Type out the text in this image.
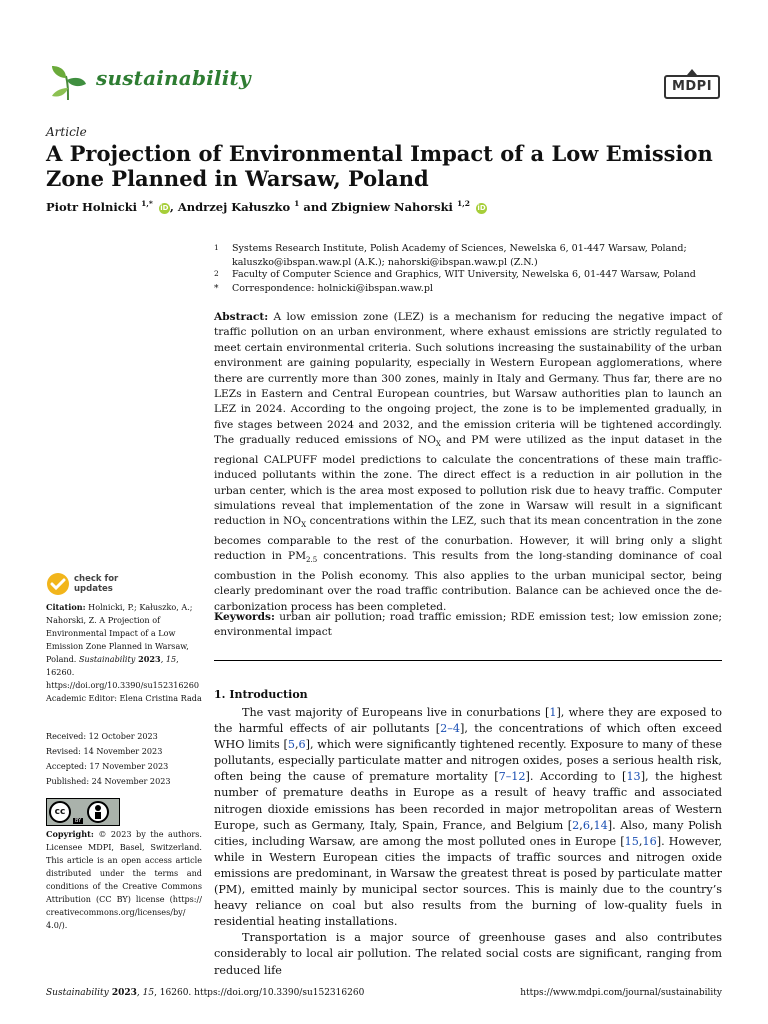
sustainability	MDPI
Article
A Projection of Environmental Impact of a Low Emission Zone Planned in Warsaw, Poland
Piotr Holnicki $^{1,*}$ iD, Andrzej Kałuszko $^1$ and Zbigniew Nahorski $^{1,2}$ iD
1 Systems Research Institute, Polish Academy of Sciences, Newelska 6, 01-447 Warsaw, Poland;
kaluszko@ibspan.waw.pl (A.K.); nahorski@ibspan.waw.pl (Z.N.)
2 Faculty of Computer Science and Graphics, WIT University, Newelska 6, 01-447 Warsaw, Poland
* Correspondence: holnicki@ibspan.waw.pl
Abstract: A low emission zone (LEZ) is a mechanism for reducing the negative impact of traffic pollution on an urban environment, where exhaust emissions are strictly regulated to meet certain environmental criteria. Such solutions increasing the sustainability of the urban environment are gaining popularity, especially in Western European agglomerations, where there are currently more than 300 zones, mainly in Italy and Germany. Thus far, there are no LEZs in Eastern and Central European countries, but Warsaw authorities plan to launch an LEZ in 2024. According to the ongoing project, the zone is to be implemented gradually, in five stages between 2024 and 2032, and the emission criteria will be tightened accordingly. The gradually reduced emissions of $NO_X$ and PM were utilized as the input dataset in the regional CALPUFF model predictions to calculate the concentrations of these main traffic-induced pollutants within the zone. The direct effect is a reduction in air pollution in the urban center, which is the area most exposed to pollution risk due to heavy traffic. Computer simulations reveal that implementation of the zone in Warsaw will result in a significant reduction in $NO_X$ concentrations within the LEZ, such that its mean concentration in the zone becomes comparable to the rest of the conurbation. However, it will bring only a slight reduction in $PM_{2.5}$ concentrations. This results from the long-standing dominance of coal combustion in the Polish economy. This also applies to the urban municipal sector, being clearly predominant over the road traffic contribution. Balance can be achieved once the de-carbonization process has been completed.
Keywords: urban air pollution; road traffic emission; RDE emission test; low emission zone; environmental impact
check for
updates
Citation: Holnicki, P.; Kałuszko, A.; Nahorski, Z. A Projection of Environmental Impact of a Low Emission Zone Planned in Warsaw, Poland. Sustainability 2023, 15, 16260. https://doi.org/10.3390/su152316260
Academic Editor: Elena Cristina Rada
Received: 12 October 2023
Revised: 14 November 2023
Accepted: 17 November 2023
Published: 24 November 2023
cc
BY
Copyright: © 2023 by the authors. Licensee MDPI, Basel, Switzerland. This article is an open access article distributed under the terms and conditions of the Creative Commons Attribution (CC BY) license (https:// creativecommons.org/licenses/by/ 4.0/).
1. Introduction

The vast majority of Europeans live in conurbations [1], where they are exposed to the harmful effects of air pollutants [2–4], the concentrations of which often exceed WHO limits [5,6], which were significantly tightened recently. Exposure to many of these pollutants, especially particulate matter and nitrogen oxides, poses a serious health risk, often being the cause of premature mortality [7–12]. According to [13], the highest number of premature deaths in Europe as a result of heavy traffic and associated nitrogen dioxide emissions has been recorded in major metropolitan areas of Western Europe, such as Germany, Italy, Spain, France, and Belgium [2,6,14]. Also, many Polish cities, including Warsaw, are among the most polluted ones in Europe [15,16]. However, while in Western European cities the impacts of traffic sources and nitrogen oxide emissions are predominant, in Warsaw the greatest threat is posed by particulate matter (PM), emitted mainly by municipal sector sources. This is mainly due to the country’s heavy reliance on coal but also results from the burning of low-quality fuels in residential heating installations.

Transportation is a major source of greenhouse gases and also contributes considerably to local air pollution. The related social costs are significant, ranging from reduced life

Sustainability 2023, 15, 16260. https://doi.org/10.3390/su152316260	https://www.mdpi.com/journal/sustainability
